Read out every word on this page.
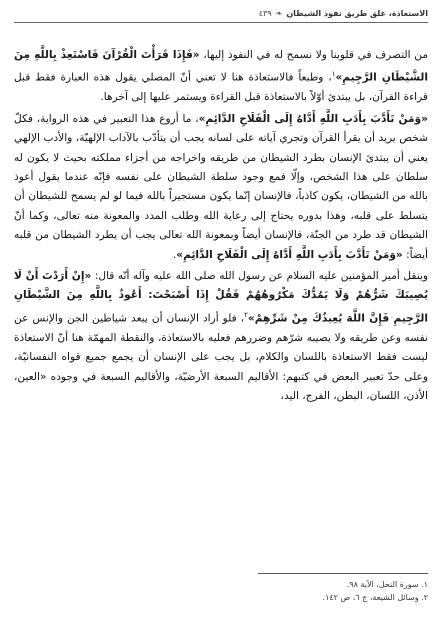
الاستعاذة، غلق طريق نفوذ الشيطان
❧
٤٣٩

من التصرف في قلوبنا ولا نسمح له في النفوذ إليها، «فَإِذَا قَرَأْتَ الْقُرْآنَ فَاسْتَعِذْ بِاللَّهِ مِنَ الشَّيْطَانِ الرَّجِيمِ»$^١$، وطبعاً فالاستعاذة هنا لا تعني أنّ المصلي يقول هذه العبارة فقط قبل قراءة القرآن، بل يبتدئ أوّلاً بالاستعاذة قبل القراءة ويستمر عليها إلى آخرها.

«وَمَنْ تَأَدَّبَ بِأَدَبِ اللَّهِ أَدَّاهُ إِلَى الْفَلَاحِ الدَّائِمِ»، ما أروع هذا التعبير في هذه الرواية، فكلّ شخص يريد أن يقرأ القرآن وتجري آياته على لسانه يجب أن يتأدّب بالآداب الإلهيّة، والأدب الإلهي يعني أن يبتدئ الإنسان بطرد الشيطان من طريقه واخراجه من أجزاء مملكته بحيث لا يكون له سلطان على هذا الشخص، وإلّا فمع وجود سلطة الشيطان على نفسه فإنّه عندما يقول أعوذ بالله من الشيطان، يكون كاذباً، فالإنسان إنّما يكون مستجيراً بالله فيما لو لم يسمح للشيطان أن يتسلط على قلبه، وهذا بدوره يحتاج إلى رعاية الله وطلب المدد والمعونة منه تعالى، وكما أنّ الشيطان قد طرد من الجنّة، فالإنسان أيضاً وبمعونة الله تعالى يجب أن يطرد الشيطان من قلبه أيضاً: «وَمَنْ تَأَدَّبَ بِأَدَبِ اللَّهِ أَدَّاهُ إِلَى الْفَلَاحِ الدَّائِمِ».

وينقل أمير المؤمنين عليه السلام عن رسول الله صلى الله عليه وآله أنّه قال: «إِنْ أَرَدْتَ أَنْ لَا يُصِيبَكَ شَرُّهُمْ وَلَا يَمُدُّكَ مَكْرُوهُهُمْ فَقُلْ إِذَا أَصْبَحْتَ: أَعُوذُ بِاللَّهِ مِنَ الشَّيْطَانِ الرَّجِيمِ فَإِنَّ اللَّهَ يُعِيذُكَ مِنْ شَرِّهِمْ»$^٢$، فلو أراد الإنسان أن يبعد شياطين الجن والإنس عن نفسه وعن طريقه ولا يصيبه شرّهم وضررهم فعليه بالاستعاذة، والنقطة المهمّة هنا أنّ الاستعاذة ليست فقط الاستعاذة باللسان والكلام، بل يجب على الإنسان أن يجمع جميع قواه النفسانيّة، وعلى حدّ تعبير البعض في كتبهم: الأقاليم السبعة الأرضيّة، والأقاليم السبعة في وجوده «العين، الأذن، اللسان، البطن، الفرج، اليد،

١. سورة النحل، الآية ٩٨.
٢. وسائل الشيعة، ج ٦، ص ١٤٢.
